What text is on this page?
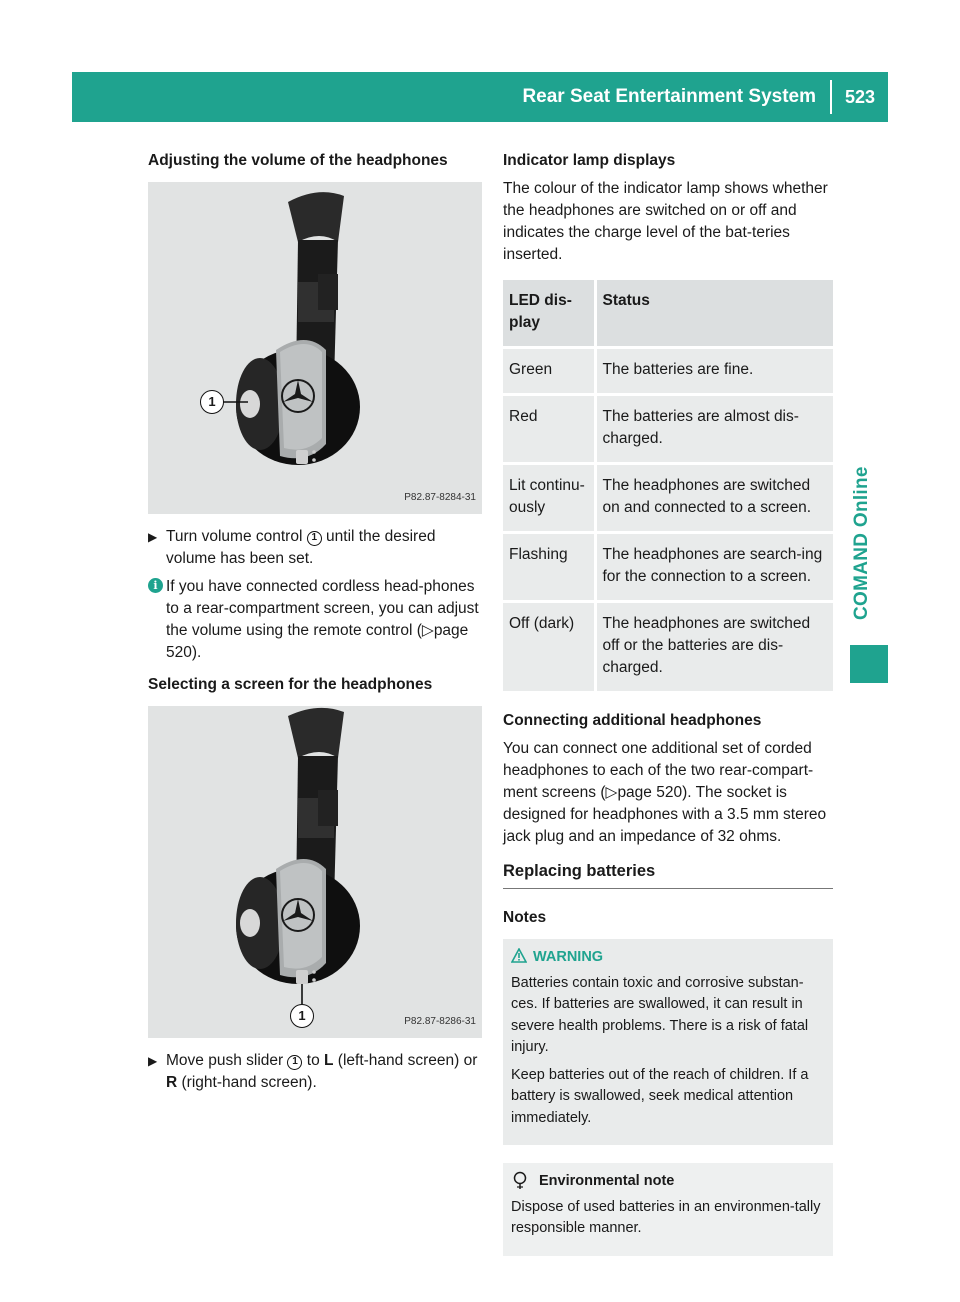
Rear Seat Entertainment System	523
COMAND Online
Adjusting the volume of the headphones
1
P82.87-8284-31
▶ Turn volume control 1 until the desired volume has been set.
i If you have connected cordless head-phones to a rear-compartment screen, you can adjust the volume using the remote control (▷page 520).
Selecting a screen for the headphones
1	P82.87-8286-31
▶ Move push slider 1 to L (left-hand screen) or R (right-hand screen).
Indicator lamp displays

The colour of the indicator lamp shows whether the headphones are switched on or off and indicates the charge level of the bat-teries inserted.

LED dis-play	Status
Green	The batteries are fine.
Red	The batteries are almost dis-charged.
Lit continu-ously	The headphones are switched on and connected to a screen.
Flashing	The headphones are search-ing for the connection to a screen.
Off (dark)	The headphones are switched off or the batteries are dis-charged.
Connecting additional headphones

You can connect one additional set of corded headphones to each of the two rear-compart-ment screens (▷page 520). The socket is designed for headphones with a 3.5 mm stereo jack plug and an impedance of 32 ohms.

Replacing batteries
Notes
WARNING

Batteries contain toxic and corrosive substan-ces. If batteries are swallowed, it can result in severe health problems. There is a risk of fatal injury.

Keep batteries out of the reach of children. If a battery is swallowed, seek medical attention immediately.

Environmental note

Dispose of used batteries in an environmen-tally responsible manner.
